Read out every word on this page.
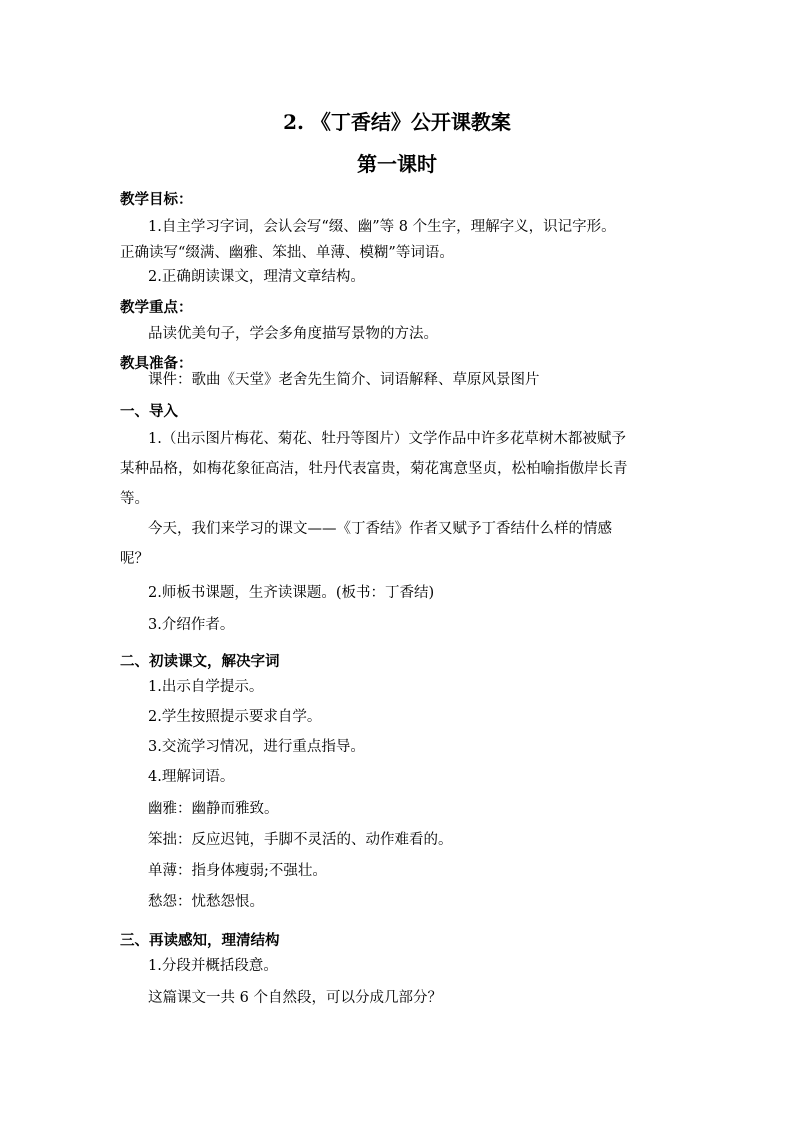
2. 《丁香结》公开课教案
第一课时
教学目标：
1.自主学习字词，会认会写“缀、幽”等 8 个生字，理解字义，识记字形。
正确读写“缀满、幽雅、笨拙、单薄、模糊”等词语。
2.正确朗读课文，理清文章结构。
教学重点：
品读优美句子，学会多角度描写景物的方法。
教具准备：
课件：歌曲《天堂》老舍先生简介、词语解释、草原风景图片
一、导入
1.（出示图片梅花、菊花、牡丹等图片）文学作品中许多花草树木都被赋予
某种品格，如梅花象征高洁，牡丹代表富贵，菊花寓意坚贞，松柏喻指傲岸长青
等。
今天，我们来学习的课文——《丁香结》作者又赋予丁香结什么样的情感
呢？
2.师板书课题，生齐读课题。(板书：丁香结)
3.介绍作者。
二、初读课文，解决字词
1.出示自学提示。
2.学生按照提示要求自学。
3.交流学习情况，进行重点指导。
4.理解词语。
幽雅：幽静而雅致。
笨拙：反应迟钝，手脚不灵活的、动作难看的。
单薄：指身体瘦弱;不强壮。
愁怨：忧愁怨恨。
三、再读感知，理清结构
1.分段并概括段意。
这篇课文一共 6 个自然段，可以分成几部分？
